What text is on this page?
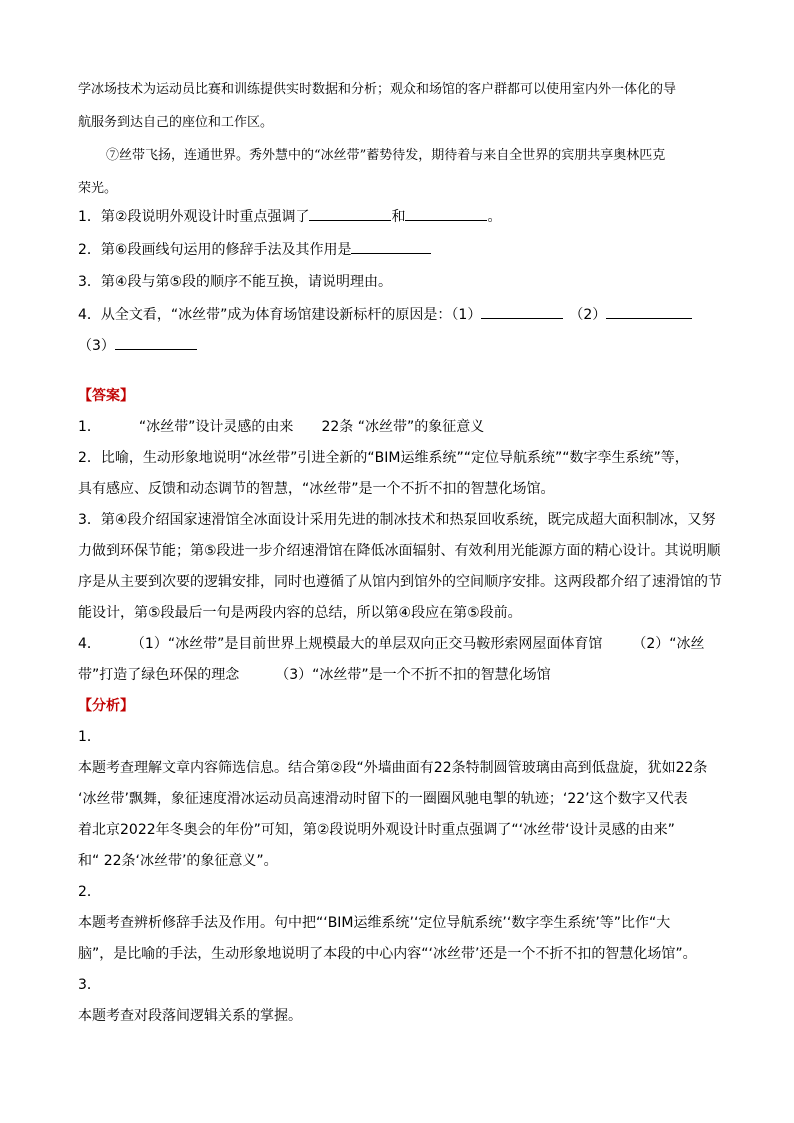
学冰场技术为运动员比赛和训练提供实时数据和分析；观众和场馆的客户群都可以使用室内外一体化的导
航服务到达自己的座位和工作区。
⑦丝带飞扬，连通世界。秀外慧中的“冰丝带”蓄势待发，期待着与来自全世界的宾朋共享奥林匹克
荣光。
1．第②段说明外观设计时重点强调了	和	。
2．第⑥段画线句运用的修辞手法及其作用是
3．第④段与第⑤段的顺序不能互换，请说明理由。
4．从全文看，“冰丝带”成为体育场馆建设新标杆的原因是：（1）	（2）
（3）
【答案】
1．	“冰丝带”设计灵感的由来 22条 “冰丝带”的象征意义
2．比喻，生动形象地说明“冰丝带”引进全新的“BIM运维系统”“定位导航系统”“数字孪生系统”等，
具有感应、反馈和动态调节的智慧，“冰丝带”是一个不折不扣的智慧化场馆。
3．第④段介绍国家速滑馆全冰面设计采用先进的制冰技术和热泵回收系统，既完成超大面积制冰，又努
力做到环保节能；第⑤段进一步介绍速滑馆在降低冰面辐射、有效利用光能源方面的精心设计。其说明顺
序是从主要到次要的逻辑安排，同时也遵循了从馆内到馆外的空间顺序安排。这两段都介绍了速滑馆的节
能设计，第⑤段最后一句是两段内容的总结，所以第④段应在第⑤段前。
4． （1）“冰丝带”是目前世界上规模最大的单层双向正交马鞍形索网屋面体育馆 （2）“冰丝
带”打造了绿色环保的理念	（3）“冰丝带”是一个不折不扣的智慧化场馆
【分析】
1．
本题考查理解文章内容筛选信息。结合第②段“外墙曲面有22条特制圆管玻璃由高到低盘旋，犹如22条
‘冰丝带’飘舞，象征速度滑冰运动员高速滑动时留下的一圈圈风驰电掣的轨迹；‘22’这个数字又代表
着北京2022年冬奥会的年份”可知，第②段说明外观设计时重点强调了“‘冰丝带‘设计灵感的由来”
和“ 22条‘冰丝带’的象征意义”。
2．
本题考查辨析修辞手法及作用。句中把“‘BIM运维系统’‘定位导航系统’‘数字孪生系统’等”比作“大
脑”，是比喻的手法，生动形象地说明了本段的中心内容“‘冰丝带’还是一个不折不扣的智慧化场馆”。
3．
本题考查对段落间逻辑关系的掌握。
